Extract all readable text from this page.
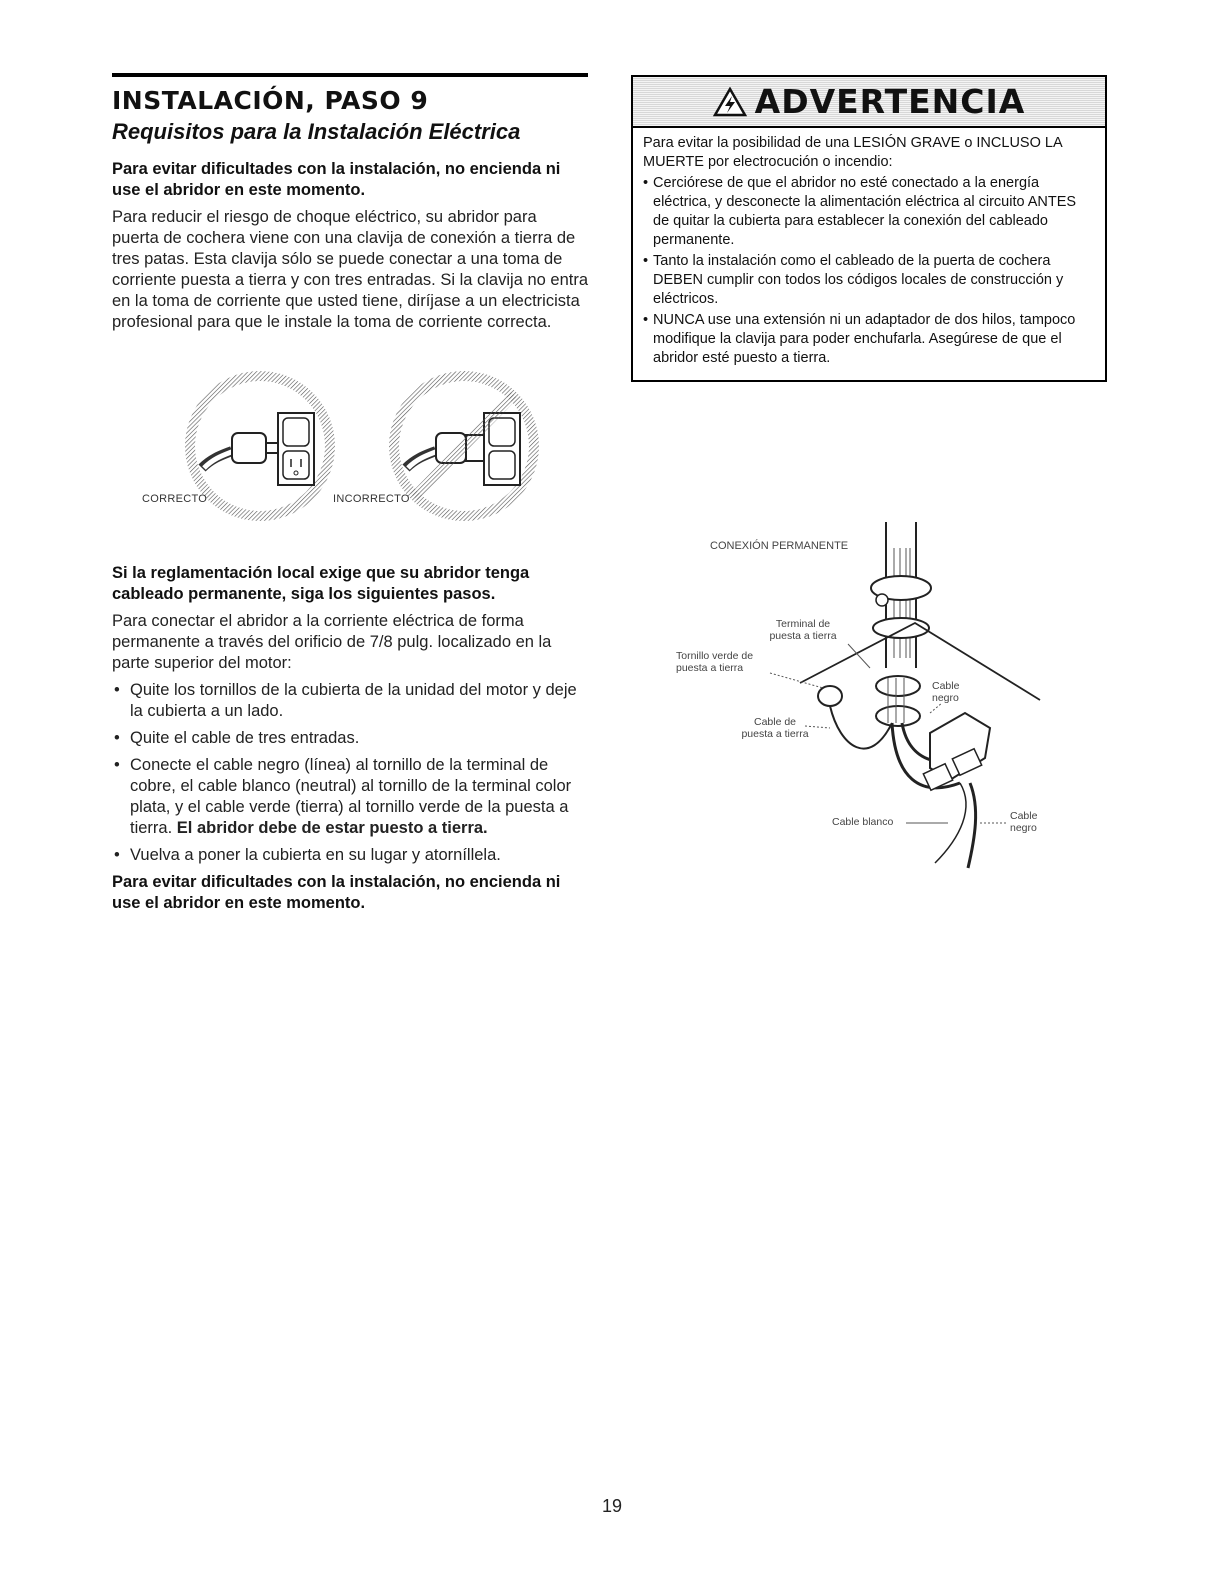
INSTALACIÓN, PASO 9
Requisitos para la Instalación Eléctrica

Para evitar dificultades con la instalación, no encienda ni use el abridor en este momento.

Para reducir el riesgo de choque eléctrico, su abridor para puerta de cochera viene con una clavija de conexión a tierra de tres patas. Esta clavija sólo se puede conectar a una toma de corriente puesta a tierra y con tres entradas. Si la clavija no entra en la toma de corriente que usted tiene, diríjase a un electricista profesional para que le instale la toma de corriente correcta.

CORRECTO	INCORRECTO

Si la reglamentación local exige que su abridor tenga cableado permanente, siga los siguientes pasos.

Para conectar el abridor a la corriente eléctrica de forma permanente a través del orificio de 7/8 pulg. localizado en la parte superior del motor:

• Quite los tornillos de la cubierta de la unidad del motor y deje la cubierta a un lado.
• Quite el cable de tres entradas.
• Conecte el cable negro (línea) al tornillo de la terminal de cobre, el cable blanco (neutral) al tornillo de la terminal color plata, y el cable verde (tierra) al tornillo verde de la puesta a tierra. El abridor debe de estar puesto a tierra.
• Vuelva a poner la cubierta en su lugar y atorníllela.

Para evitar dificultades con la instalación, no encienda ni use el abridor en este momento.

ADVERTENCIA

Para evitar la posibilidad de una LESIÓN GRAVE o INCLUSO LA MUERTE por electrocución o incendio:

• Cerciórese de que el abridor no esté conectado a la energía eléctrica, y desconecte la alimentación eléctrica al circuito ANTES de quitar la cubierta para establecer la conexión del cableado permanente.
• Tanto la instalación como el cableado de la puerta de cochera DEBEN cumplir con todos los códigos locales de construcción y eléctricos.
• NUNCA use una extensión ni un adaptador de dos hilos, tampoco modifique la clavija para poder enchufarla. Asegúrese de que el abridor esté puesto a tierra.
CONEXIÓN PERMANENTE
Terminal de puesta a tierra
Tornillo verde de puesta a tierra
Cable de puesta a tierra
Cable negro
Cable blanco	Cable negro
19
